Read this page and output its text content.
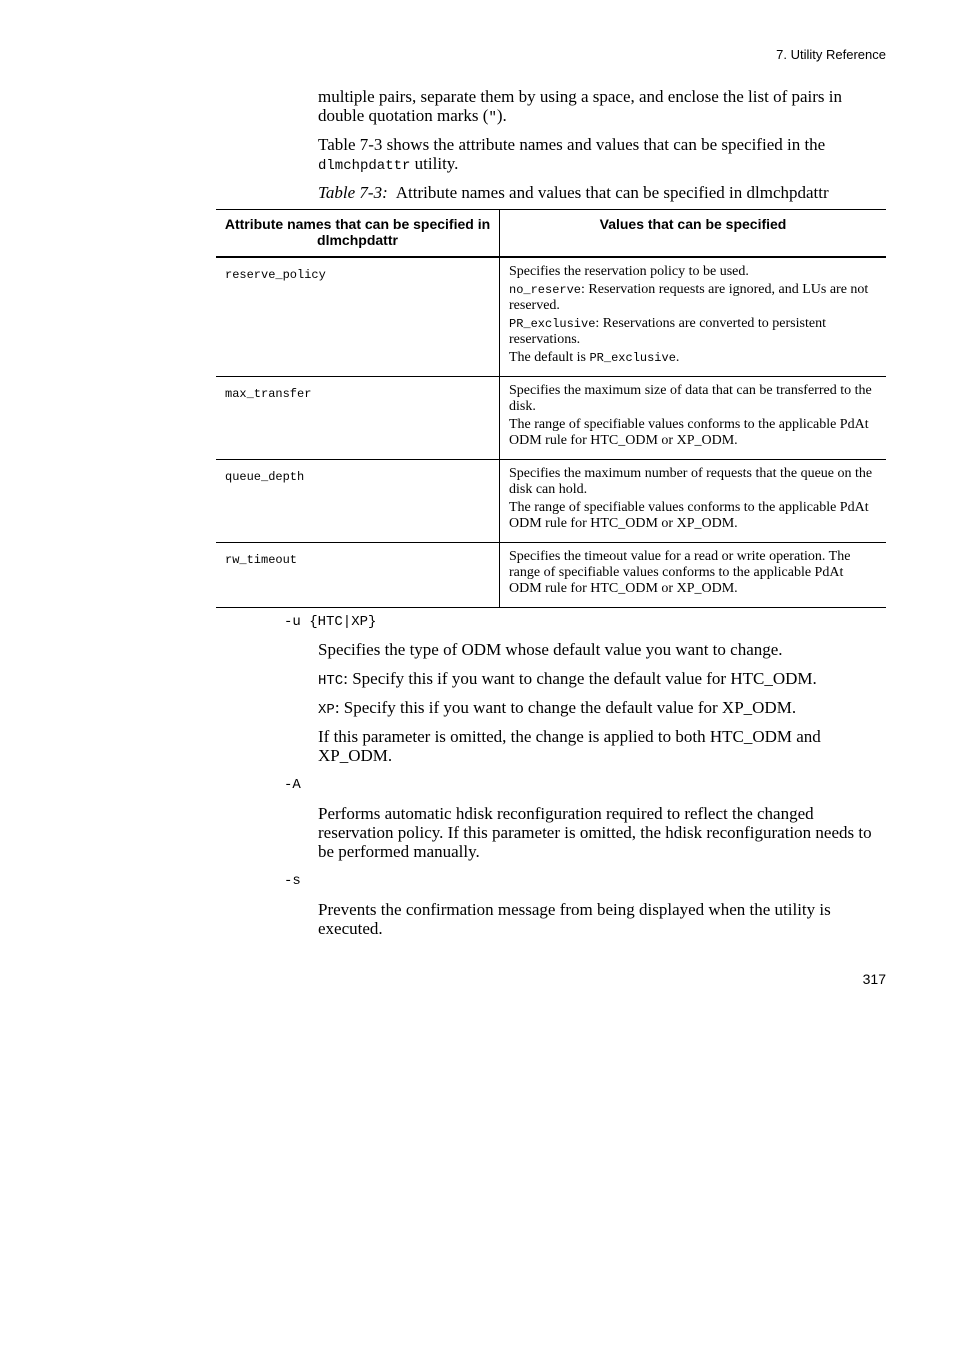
7. Utility Reference

multiple pairs, separate them by using a space, and enclose the list of pairs in double quotation marks (").

Table 7-3 shows the attribute names and values that can be specified in the dlmchpdattr utility.

Table 7-3: Attribute names and values that can be specified in dlmchpdattr
Attribute names that can be specified in dlmchpdattr	Values that can be specified
reserve_policy	Specifies the reservation policy to be used.
no_reserve: Reservation requests are ignored, and LUs are not reserved.
PR_exclusive: Reservations are converted to persistent reservations.
The default is PR_exclusive.

max_transfer	Specifies the maximum size of data that can be transferred to the disk.
The range of specifiable values conforms to the applicable PdAt ODM rule for HTC_ODM or XP_ODM.

queue_depth	Specifies the maximum number of requests that the queue on the disk can hold.
The range of specifiable values conforms to the applicable PdAt ODM rule for HTC_ODM or XP_ODM.

rw_timeout	Specifies the timeout value for a read or write operation. The range of specifiable values conforms to the applicable PdAt ODM rule for HTC_ODM or XP_ODM.
-u {HTC|XP}

Specifies the type of ODM whose default value you want to change.

HTC: Specify this if you want to change the default value for HTC_ODM.

XP: Specify this if you want to change the default value for XP_ODM.

If this parameter is omitted, the change is applied to both HTC_ODM and XP_ODM.

-A

Performs automatic hdisk reconfiguration required to reflect the changed reservation policy. If this parameter is omitted, the hdisk reconfiguration needs to be performed manually.

-s

Prevents the confirmation message from being displayed when the utility is executed.

317
